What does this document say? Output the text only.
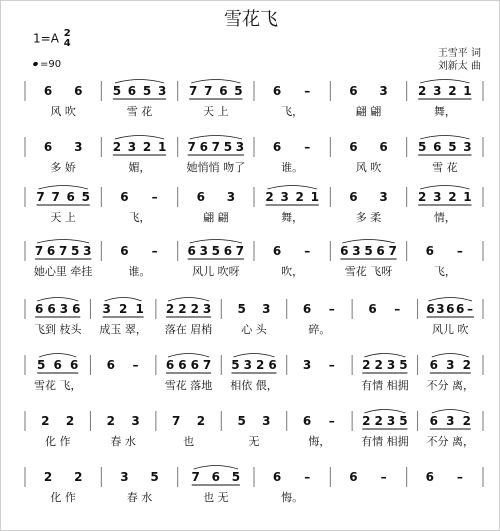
雪花飞
1=A 2
4
=90
王雪平 词
刘新太 曲
6 6
风 吹
5 6 5 3
雪 花
7 7 6 5
天 上
6 –
飞，
6 3
翩 翩
2 3 2 1
舞，
6 3
多 娇
2 3 2 1
媚，
7 6 7 5 3
她悄悄 吻了
6 –
谁。
6 6
风 吹
5 6 5 3
雪 花
7 7 6 5
天 上
6 –
飞，
6 3
翩 翩
2 3 2 1
舞，
6 3
多 柔
2 3 2 1
情，
7 6 7 5 3
她心里 牵挂
6 –
谁。
6 3 5 6 7
风儿 吹呀
6 –
吹，
6 3 5 6 7
雪花 飞呀
6 –
飞，
6 6 3 6
飞到 枝头
3 2 1
成玉 翠，
2 2 2 3
落在 眉梢
5 3
心 头
6 –
碎。
6 – 6 3 6 6 –
风儿 吹
5 6 6
雪花 飞，
6 – 6 6 6 7
雪花 落地
5 3 2 6
相依 偎，
3 – 2 2 3 5
有情 相拥
6 3 2
不分 离，
2 2
化 作
2 3
春 水
7 2
也
5 3
无
6 –
悔，
2 2 3 5
有情 相拥
6 3 2
不分 离，
2 2
化 作
3 5
春 水
7 6 5
也 无
6 –
悔。
6 –	6 –
